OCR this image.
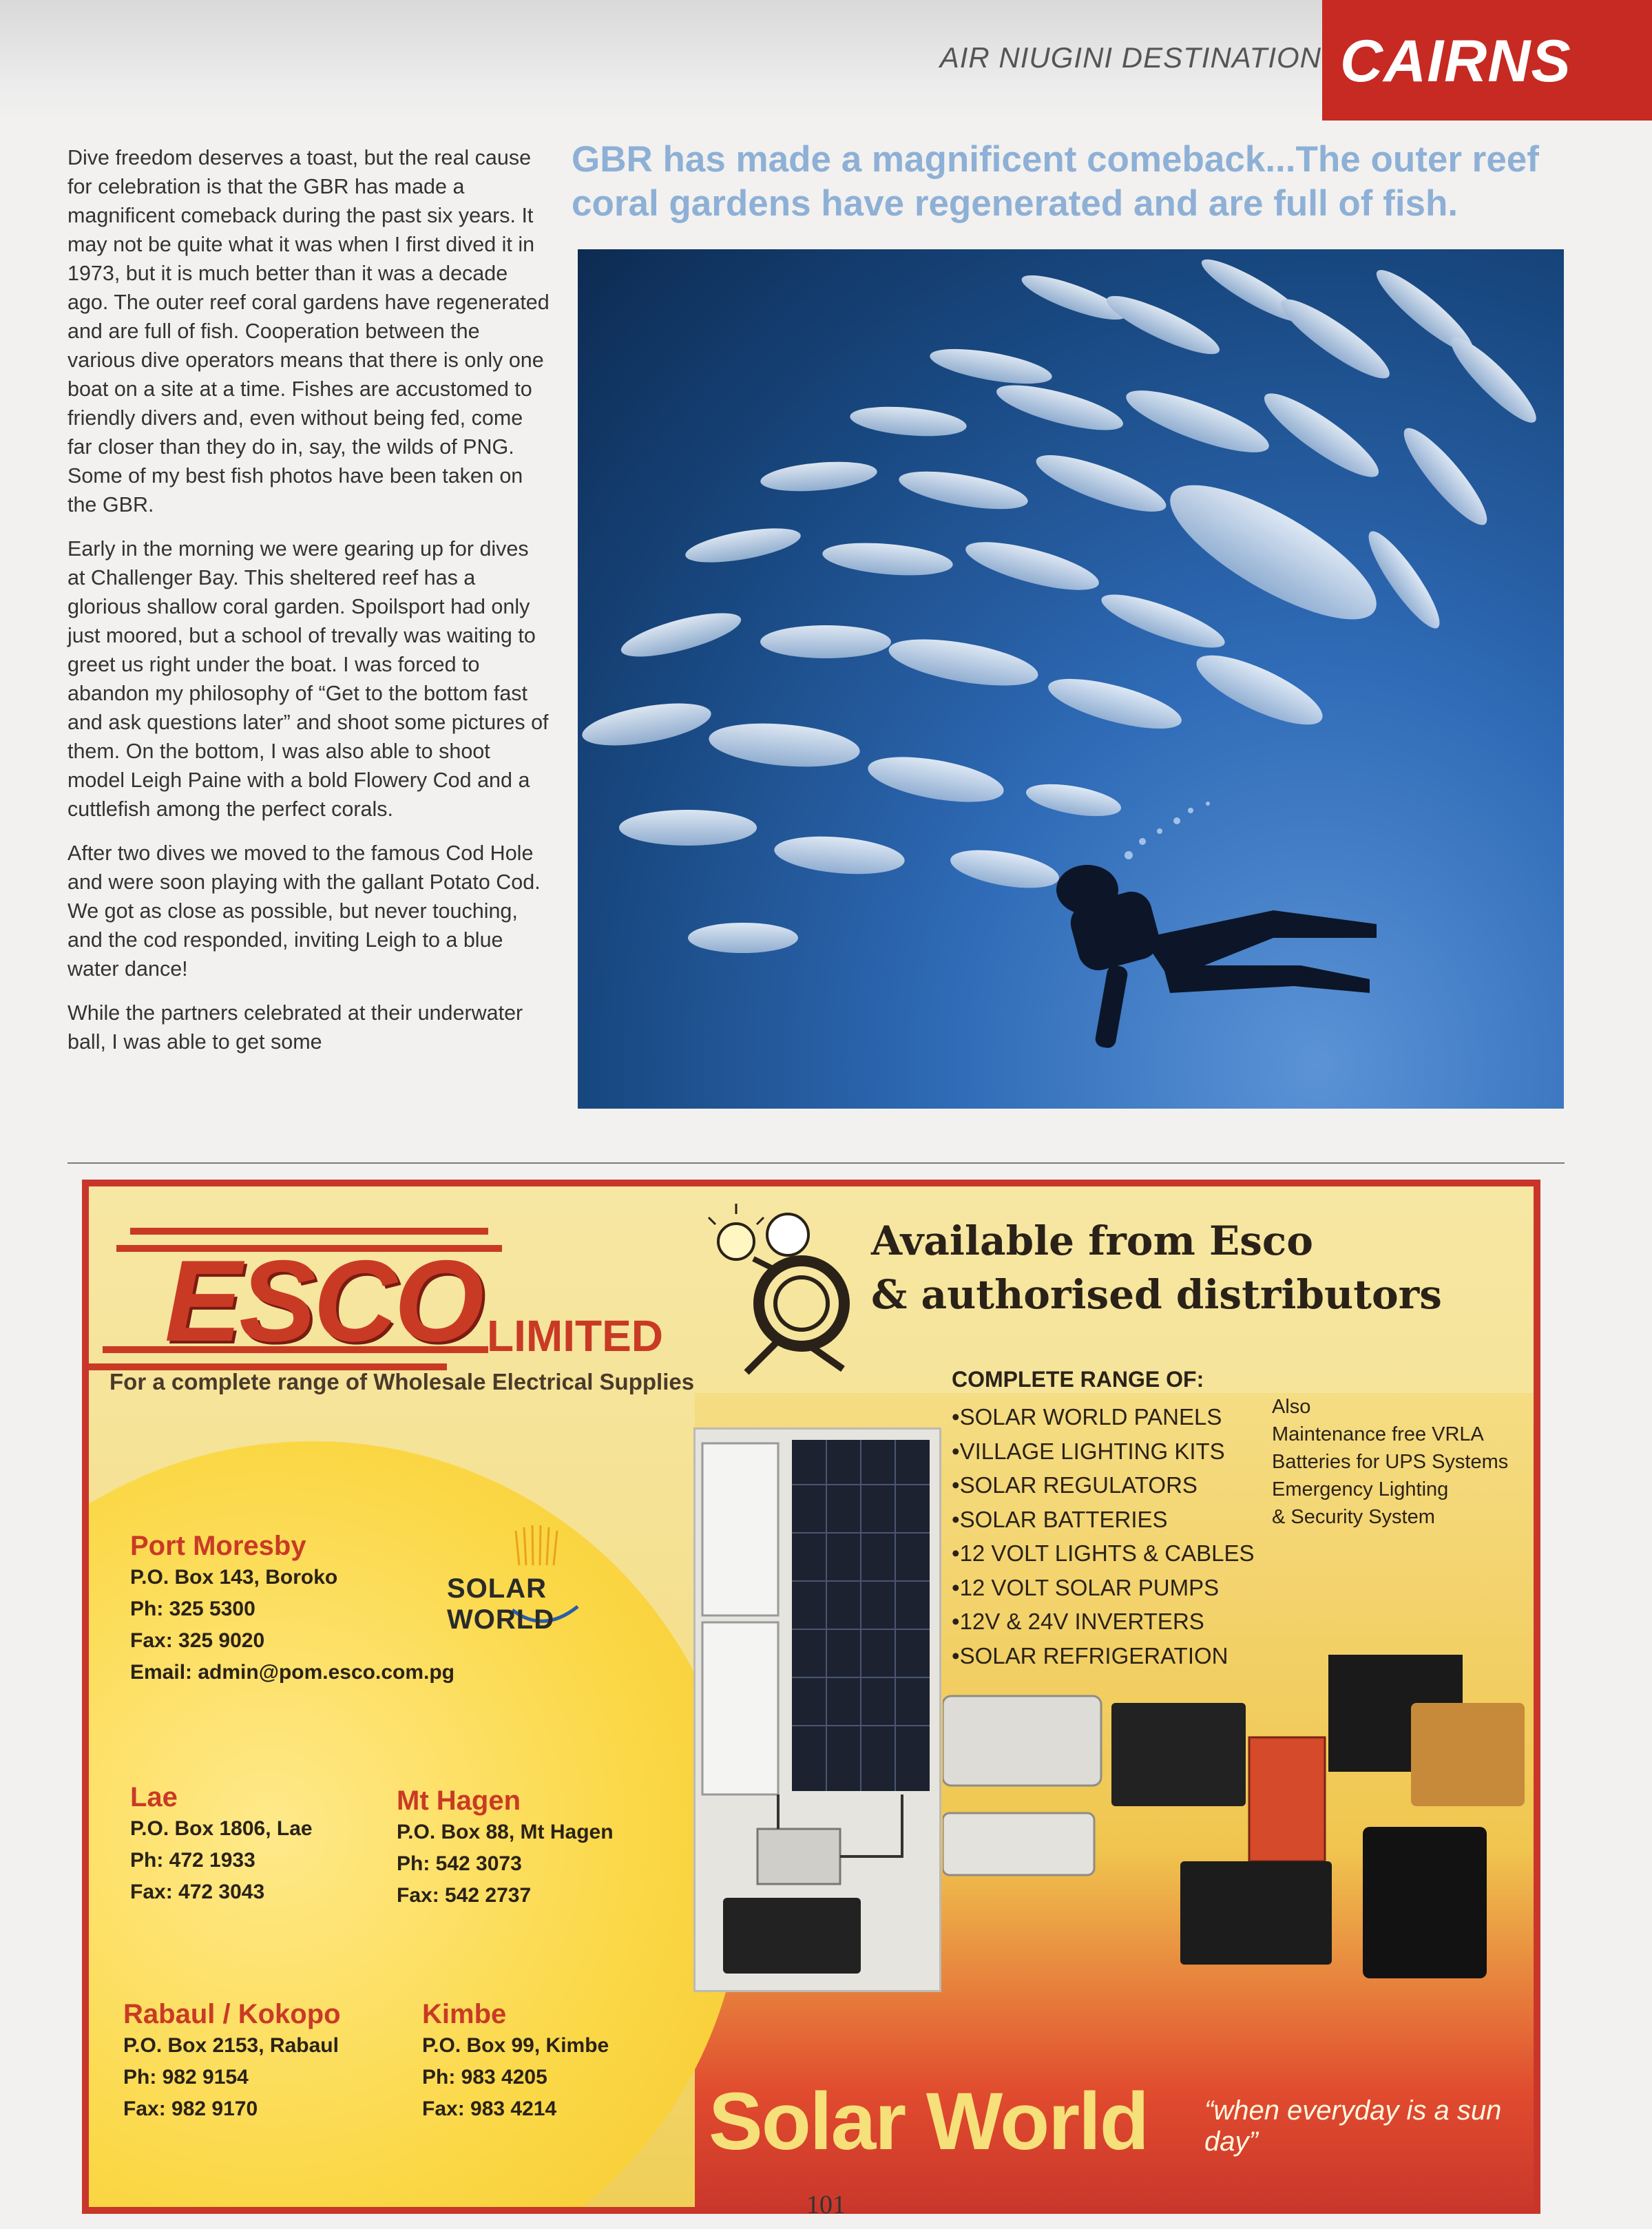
AIR NIUGINI DESTINATION CAIRNS

Dive freedom deserves a toast, but the real cause for celebration is that the GBR has made a magnificent comeback during the past six years. It may not be quite what it was when I first dived it in 1973, but it is much better than it was a decade ago. The outer reef coral gardens have regenerated and are full of fish. Cooperation between the various dive operators means that there is only one boat on a site at a time. Fishes are accustomed to friendly divers and, even without being fed, come far closer than they do in, say, the wilds of PNG. Some of my best fish photos have been taken on the GBR.

Early in the morning we were gearing up for dives at Challenger Bay. This sheltered reef has a glorious shallow coral garden. Spoilsport had only just moored, but a school of trevally was waiting to greet us right under the boat. I was forced to abandon my philosophy of “Get to the bottom fast and ask questions later” and shoot some pictures of them. On the bottom, I was also able to shoot model Leigh Paine with a bold Flowery Cod and a cuttlefish among the perfect corals.

After two dives we moved to the famous Cod Hole and were soon playing with the gallant Potato Cod. We got as close as possible, but never touching, and the cod responded, inviting Leigh to a blue water dance!

While the partners celebrated at their underwater ball, I was able to get some

GBR has made a magnificent comeback...The outer reef coral gardens have regenerated and are full of fish.
ESCO LIMITED
For a complete range of Wholesale Electrical Supplies
Available from Esco
& authorised distributors
COMPLETE RANGE OF:
• SOLAR WORLD PANELS
• VILLAGE LIGHTING KITS
• SOLAR REGULATORS
• SOLAR BATTERIES
• 12 VOLT LIGHTS & CABLES
• 12 VOLT SOLAR PUMPS
• 12V & 24V INVERTERS
• SOLAR REFRIGERATION
Also
Maintenance free VRLA
Batteries for UPS Systems
Emergency Lighting
& Security System
SOLAR WORLD
Port Moresby
P.O. Box 143, Boroko
Ph: 325 5300
Fax: 325 9020
Email: admin@pom.esco.com.pg
Lae
P.O. Box 1806, Lae
Ph: 472 1933
Fax: 472 3043
Mt Hagen
P.O. Box 88, Mt Hagen
Ph: 542 3073
Fax: 542 2737
Rabaul / Kokopo
P.O. Box 2153, Rabaul
Ph: 982 9154
Fax: 982 9170
Kimbe
P.O. Box 99, Kimbe
Ph: 983 4205
Fax: 983 4214	Solar World “when everyday is a sun day”
101
